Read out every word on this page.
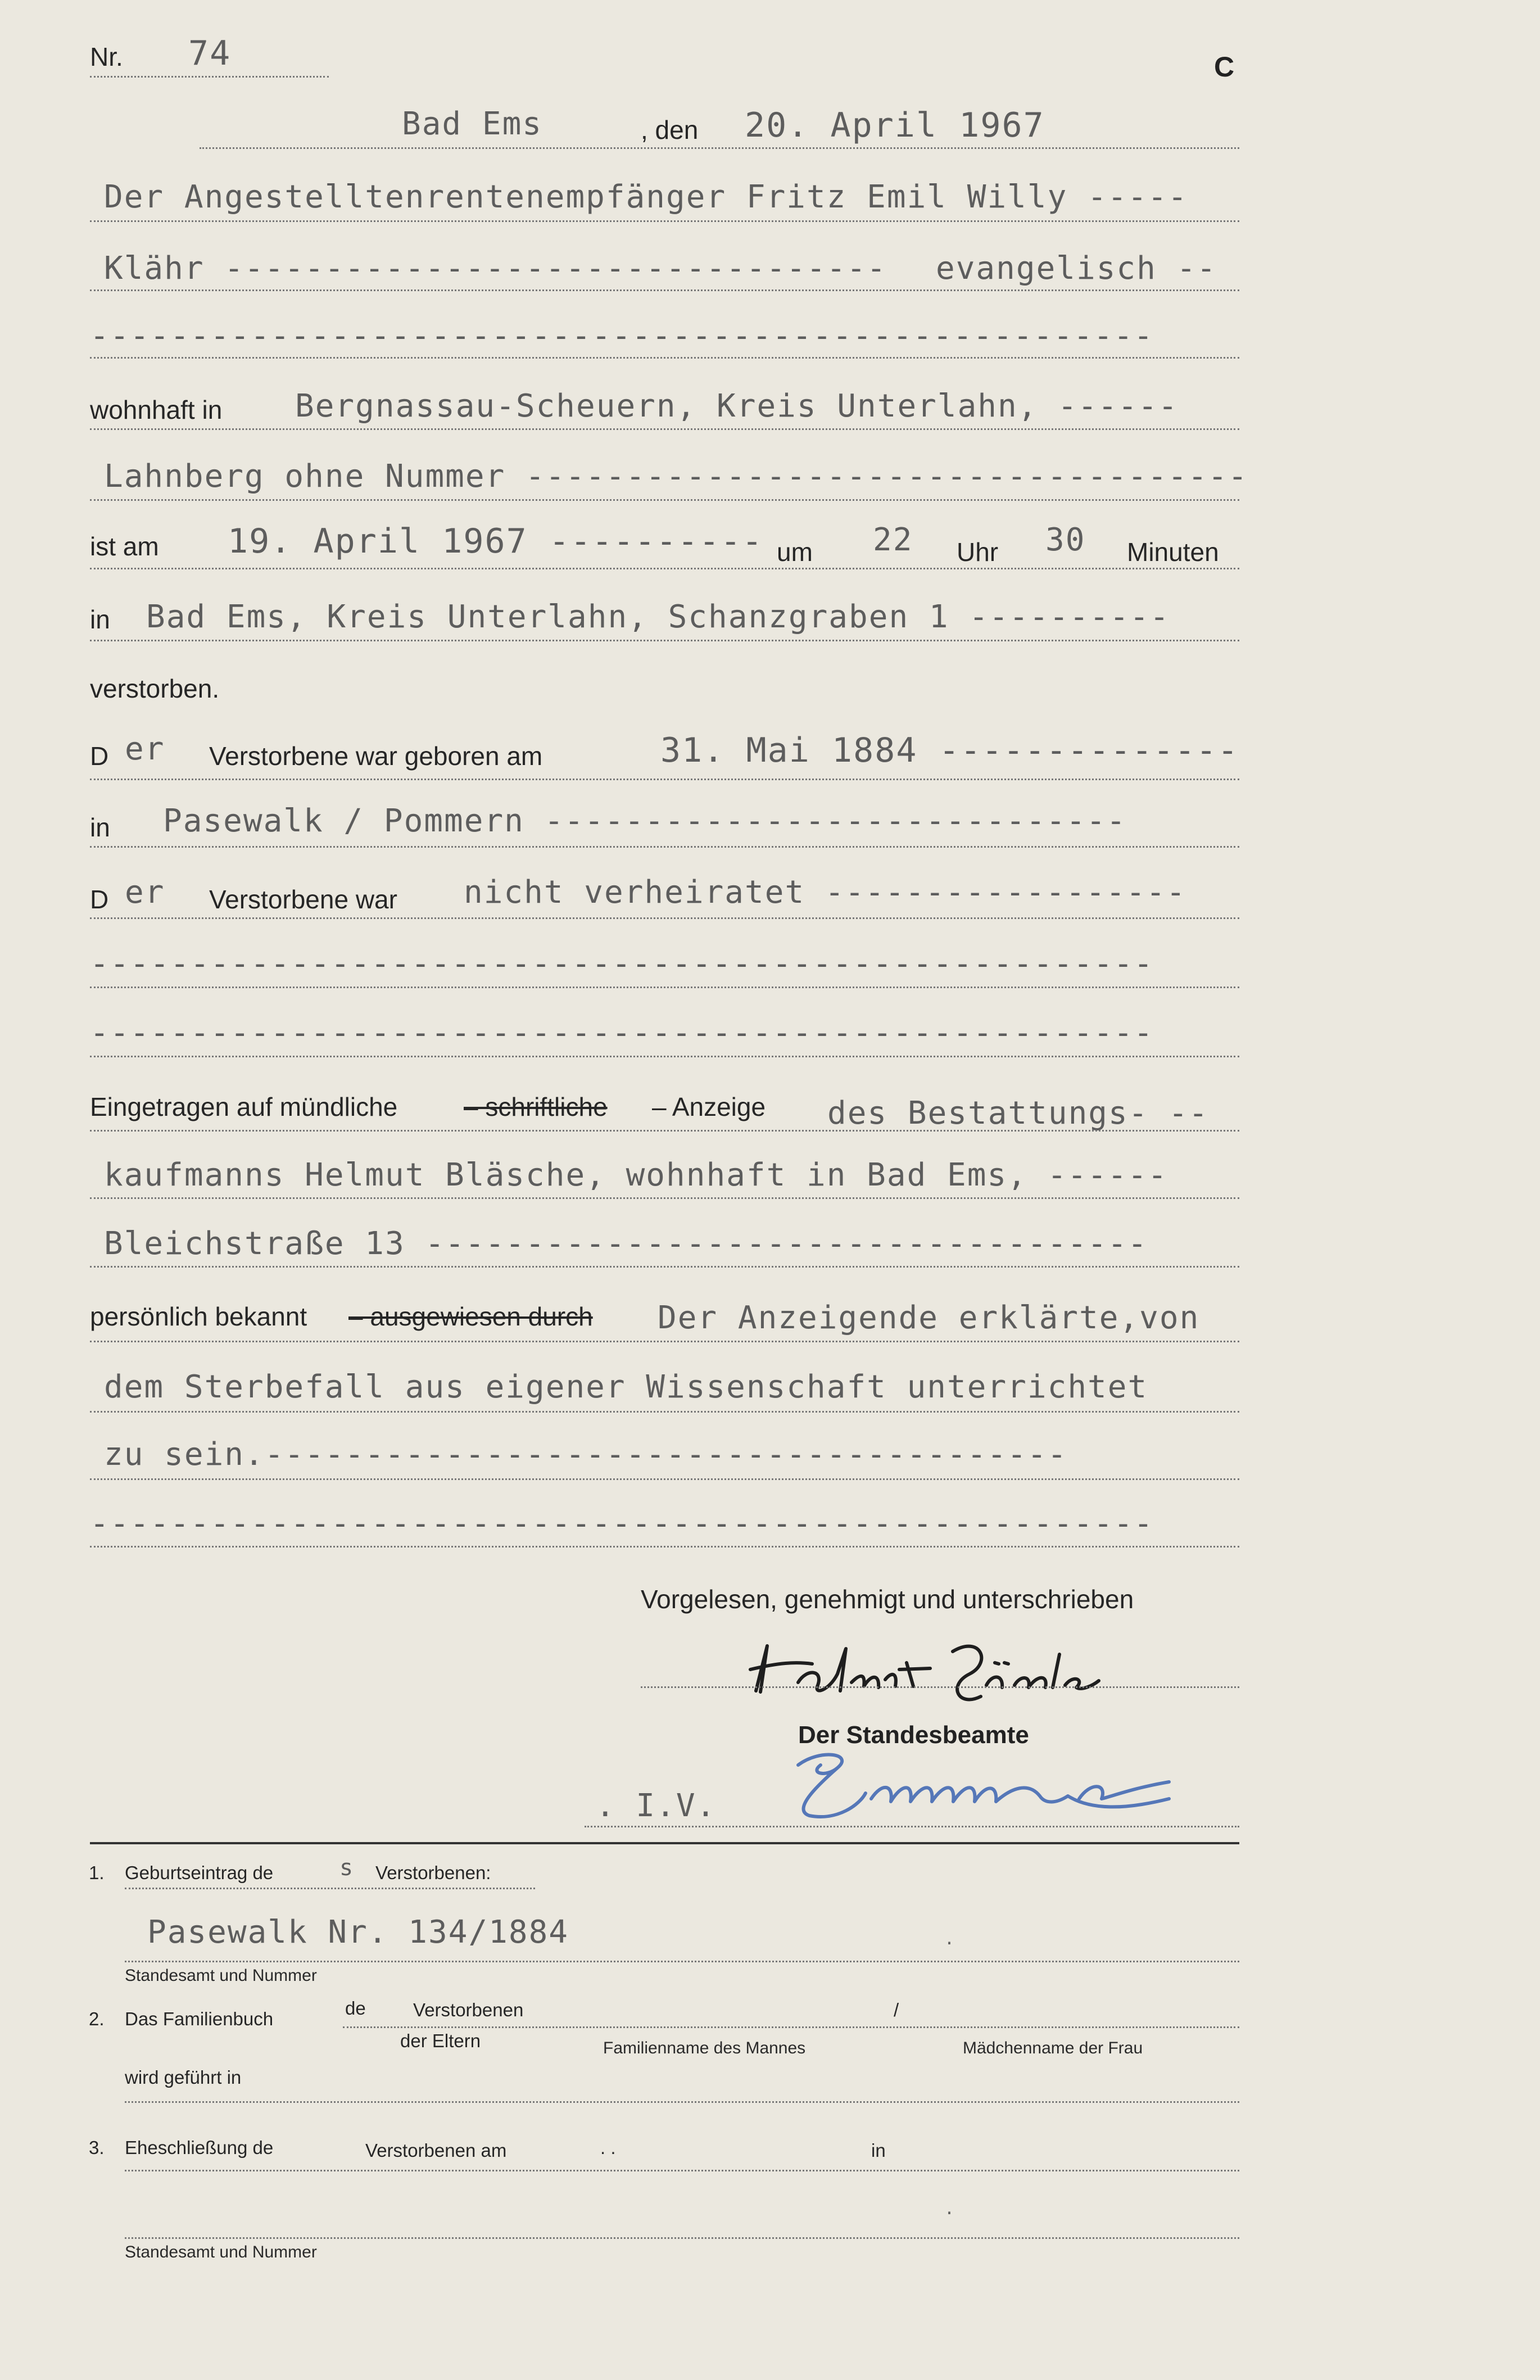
Nr. 74	C
Bad Ems	, den 20. April 1967
Der Angestelltenrentenempfänger Fritz Emil Willy -----
Klähr --------------------------------- evangelisch --
-----------------------------------------------------
wohnhaft in Bergnassau-Scheuern, Kreis Unterlahn, ------
Lahnberg ohne Nummer ------------------------------------
ist am 19. April 1967 ---------- um 22 Uhr 30 Minuten
in Bad Ems, Kreis Unterlahn, Schanzgraben 1 ----------
verstorben.
D er Verstorbene war geboren am	31. Mai 1884 --------------
in Pasewalk / Pommern -----------------------------
D er Verstorbene war nicht verheiratet ------------------
-----------------------------------------------------
-----------------------------------------------------
Eingetragen auf mündliche	– schriftliche – Anzeige des Bestattungs- --
kaufmanns Helmut Bläsche, wohnhaft in Bad Ems, ------
Bleichstraße 13 ------------------------------------
persönlich bekannt – ausgewiesen durch Der Anzeigende erklärte,von
dem Sterbefall aus eigener Wissenschaft unterrichtet
zu sein.----------------------------------------
-----------------------------------------------------
Vorgelesen, genehmigt und unterschrieben
Helmut Bläsche
Der Standesbeamte
. I.V.
Zimmer
1. Geburtseintrag de	s Verstorbenen:
Pasewalk Nr. 134/1884	.
Standesamt und Nummer
2. Das Familienbuch
de	Verstorbenen	/
der Eltern	Familienname des Mannes	Mädchenname der Frau
wird geführt in
3. Eheschließung de	Verstorbenen am	. .	in
.
Standesamt und Nummer
